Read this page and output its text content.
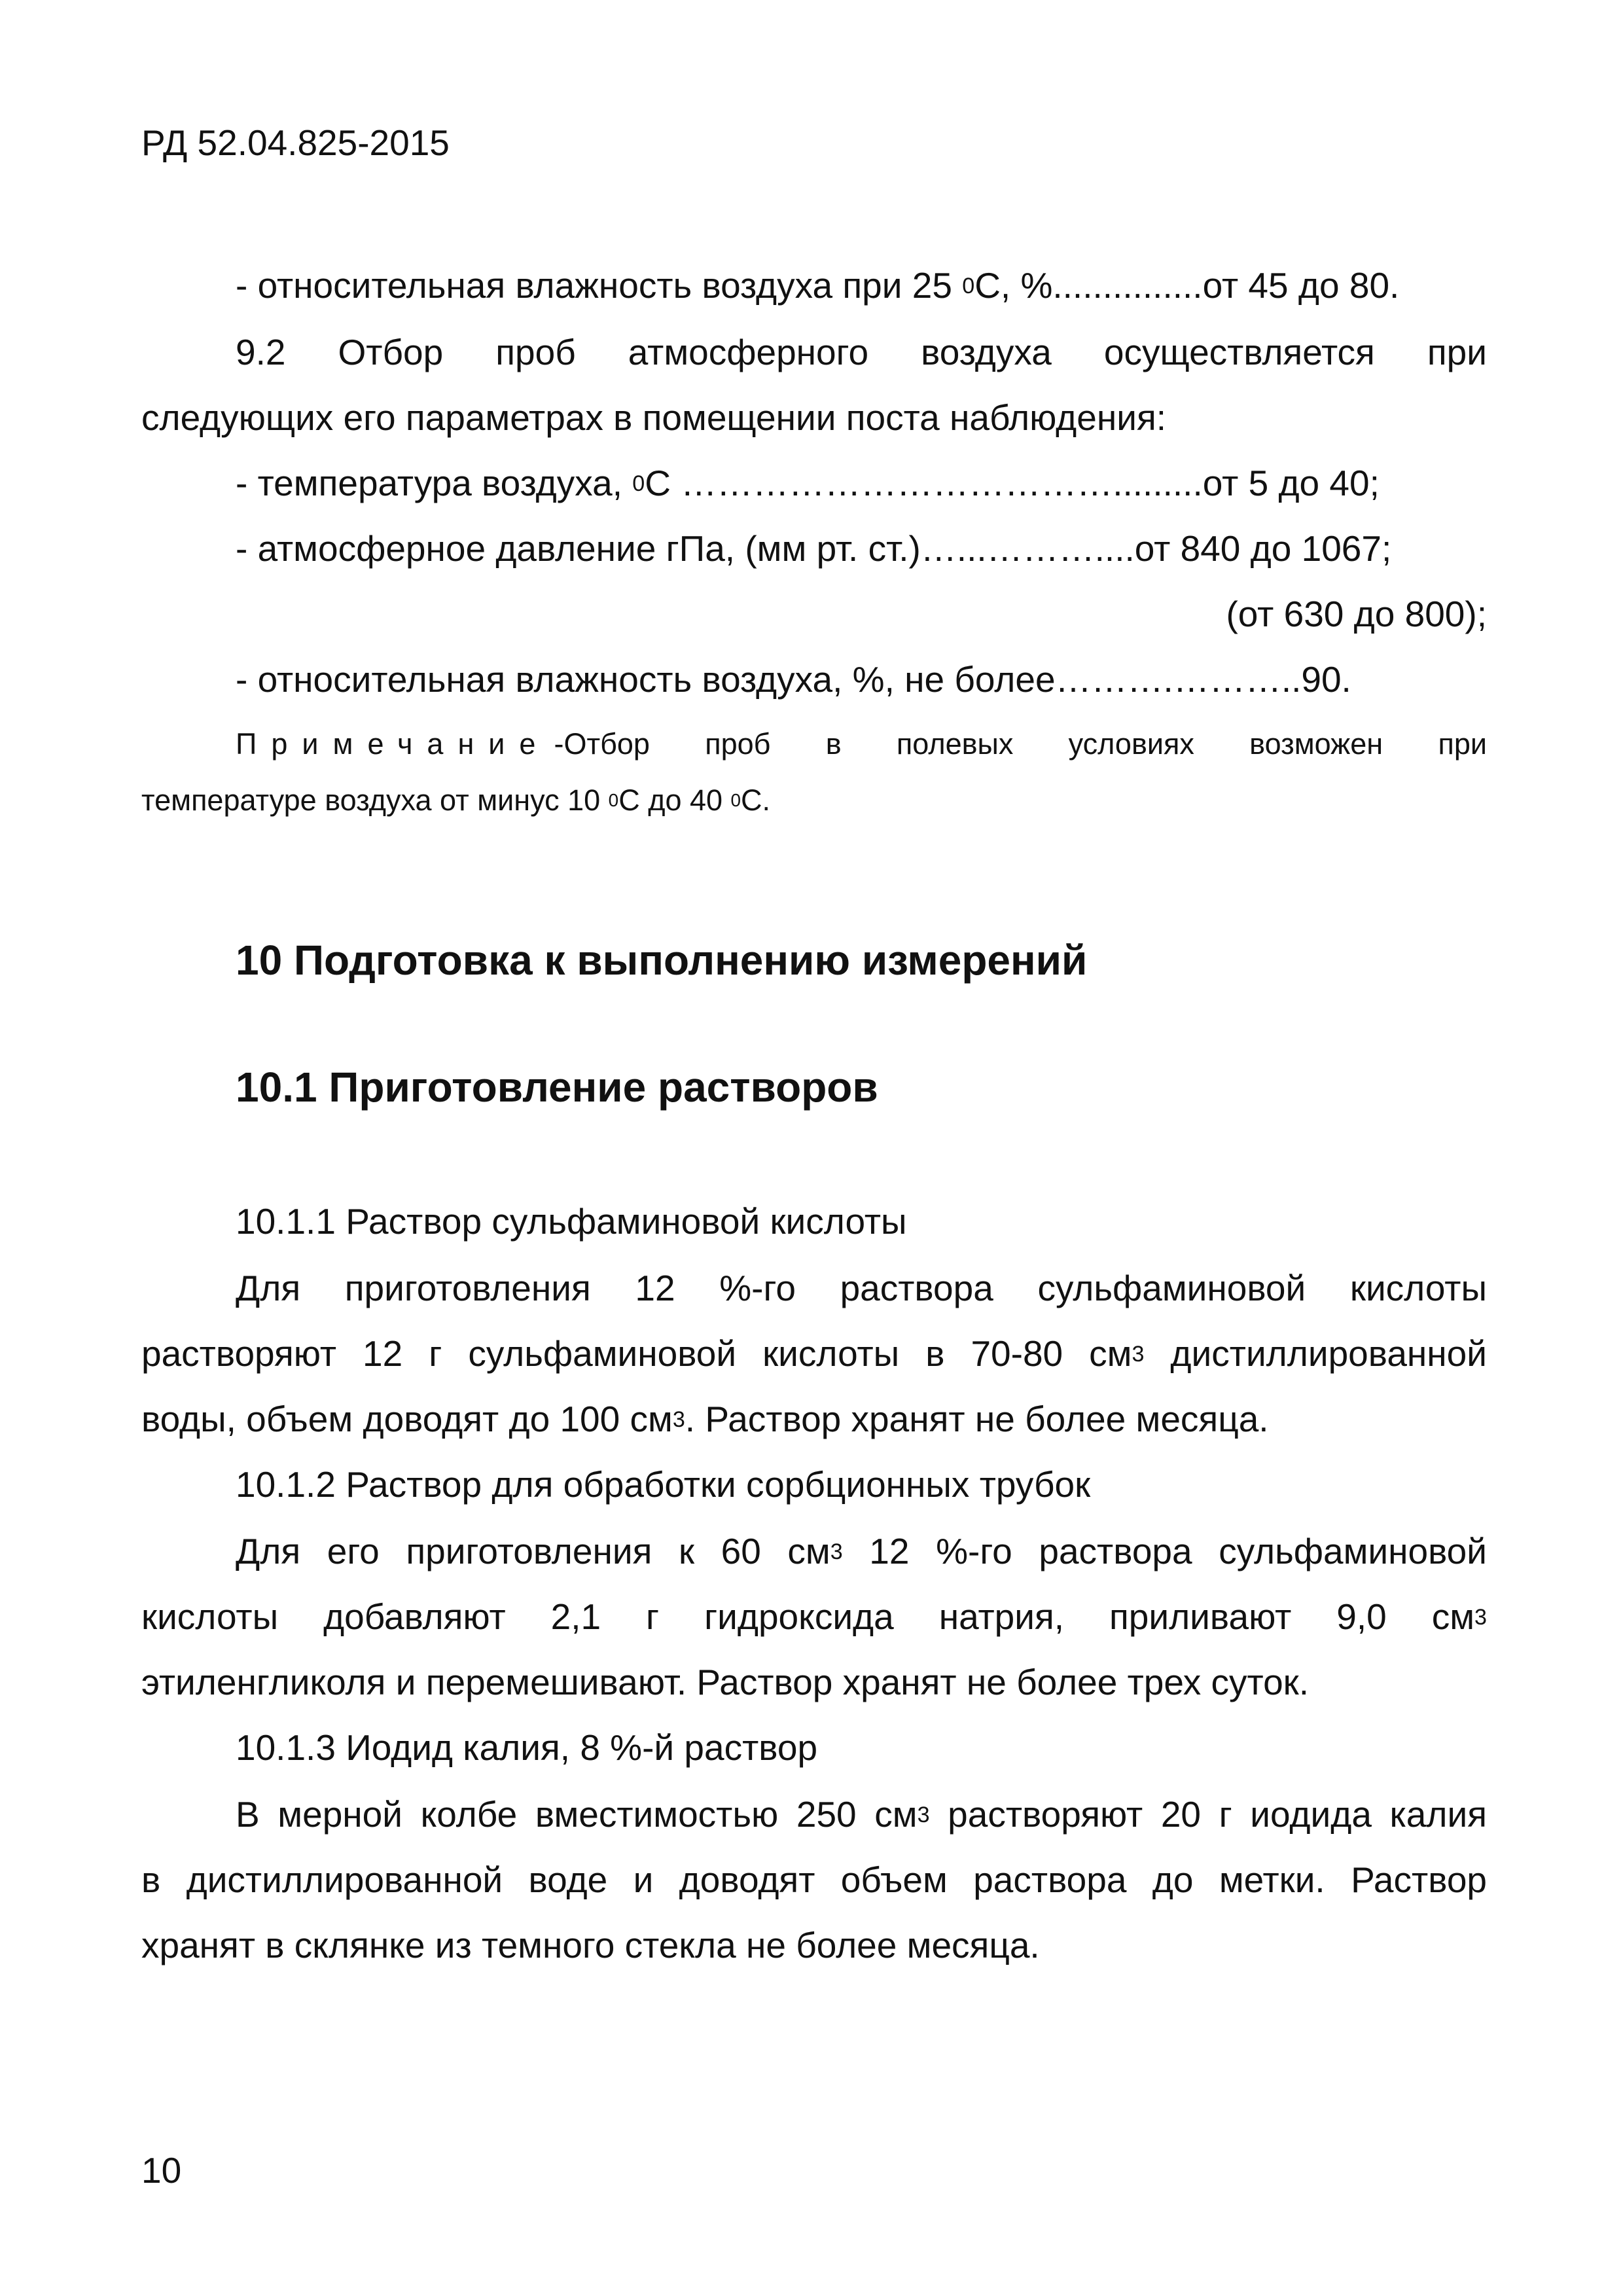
РД 52.04.825-2015
- относительная влажность воздуха при 25 $^0$С, %...............от 45 до 80.
9.2 Отбор проб атмосферного воздуха осуществляется при
следующих его параметрах в помещении поста наблюдения:
- температура воздуха, $^0$С ……………………………….........от 5 до 40;
- атмосферное давление гПа, (мм рт. ст.)…...………....от 840 до 1067;
(от 630 до 800);
- относительная влажность воздуха, %, не более……….………..90.
Примечание -Отбор проб в полевых условиях возможен при
температуре воздуха от минус 10 $^0$С до 40 $^0$С.
10 Подготовка к выполнению измерений
10.1 Приготовление растворов
10.1.1 Раствор сульфаминовой кислоты
Для приготовления 12 %-го раствора сульфаминовой кислоты
растворяют 12 г сульфаминовой кислоты в 70-80 $см^3$ дистиллированной
воды, объем доводят до 100 $см^3$. Раствор хранят не более месяца.
10.1.2 Раствор для обработки сорбционных трубок
Для его приготовления к 60 $см^3$ 12 %-го раствора сульфаминовой
кислоты добавляют 2,1 г гидроксида натрия, приливают 9,0 $см^3$
этиленгликоля и перемешивают. Раствор хранят не более трех суток.
10.1.3 Иодид калия, 8 %-й раствор
В мерной колбе вместимостью 250 $см^3$ растворяют 20 г иодида калия
в дистиллированной воде и доводят объем раствора до метки. Раствор
хранят в склянке из темного стекла не более месяца.
10
